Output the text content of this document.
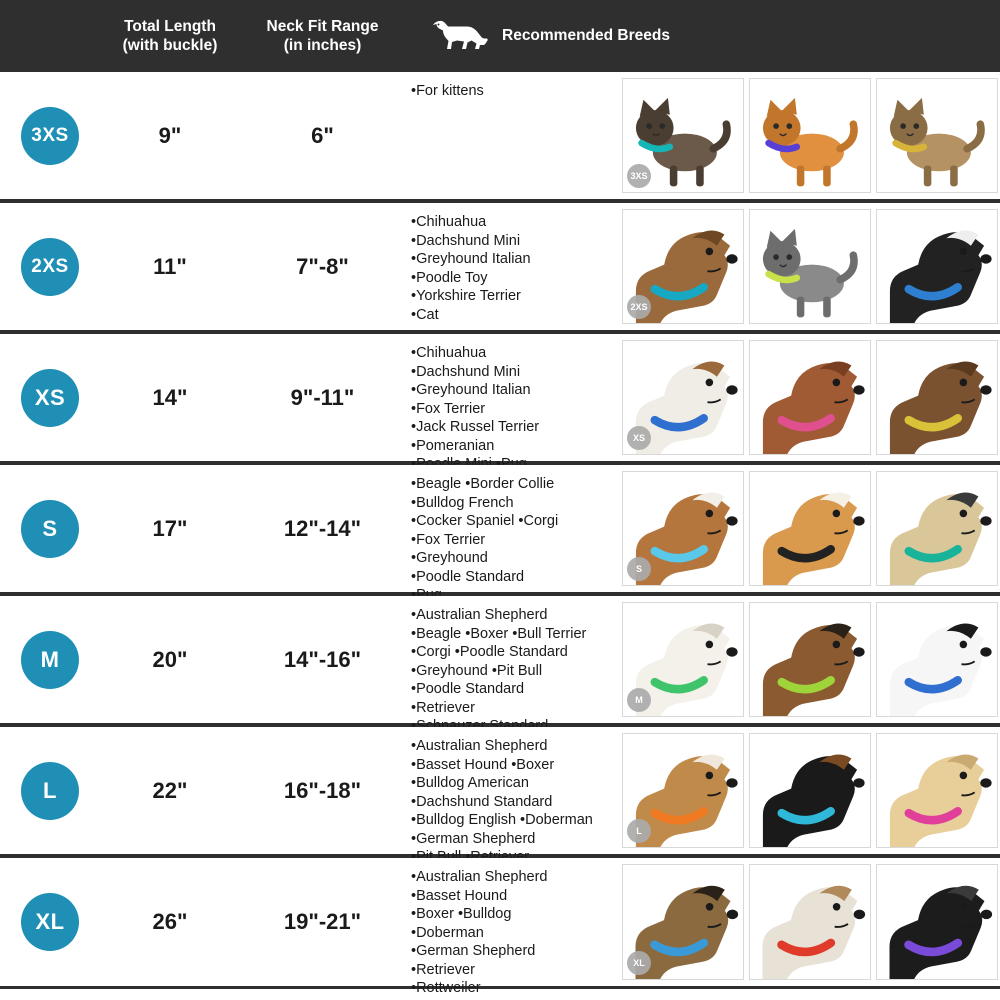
Total Length
(with buckle)
Neck Fit Range
(in inches)
Recommended Breeds
3XS	9"	6"
•For kittens
3XS
2XS	11"	7"-8"
•Chihuahua
•Dachshund Mini
•Greyhound Italian
•Poodle Toy
•Yorkshire Terrier
•Cat	2XS
XS	14"	9"-11"
•Chihuahua
•Dachshund Mini
•Greyhound Italian
•Fox Terrier
•Jack Russel Terrier
•Pomeranian	XS
S	17"	12"-14"
•Beagle •Border Collie
•Bulldog French
•Cocker Spaniel •Corgi
•Fox Terrier
•Greyhound
•Poodle Standard	S
M	20"	14"-16"
•Australian Shepherd
•Beagle •Boxer •Bull Terrier
•Corgi •Poodle Standard
•Greyhound •Pit Bull
•Poodle Standard
•Retriever	M
L	22"	16"-18"
•Australian Shepherd
•Basset Hound •Boxer
•Bulldog American
•Dachshund Standard
•Bulldog English •Doberman
•German Shepherd	L
XL	26"	19"-21"
•Australian Shepherd
•Basset Hound
•Boxer •Bulldog
•Doberman
•German Shepherd
•Retriever
•Rottweiler
XL
